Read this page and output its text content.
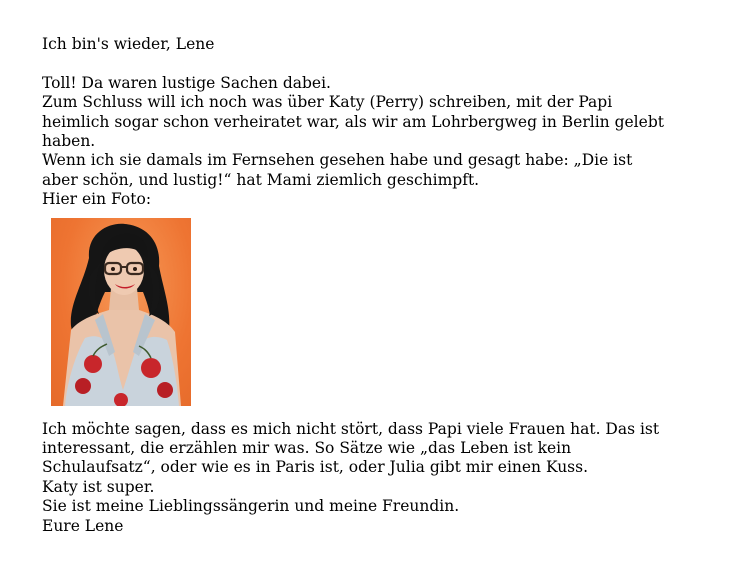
Ich bin's wieder, Lene
Toll! Da waren lustige Sachen dabei.
Zum Schluss will ich noch was über Katy (Perry) schreiben, mit der Papi
heimlich sogar schon verheiratet war, als wir am Lohrbergweg in Berlin gelebt
haben.
Wenn ich sie damals im Fernsehen gesehen habe und gesagt habe: „Die ist
aber schön, und lustig!“ hat Mami ziemlich geschimpft.
Hier ein Foto:
Ich möchte sagen, dass es mich nicht stört, dass Papi viele Frauen hat. Das ist
interessant, die erzählen mir was. So Sätze wie „das Leben ist kein
Schulaufsatz“, oder wie es in Paris ist, oder Julia gibt mir einen Kuss.
Katy ist super.
Sie ist meine Lieblingssängerin und meine Freundin.
Eure Lene
